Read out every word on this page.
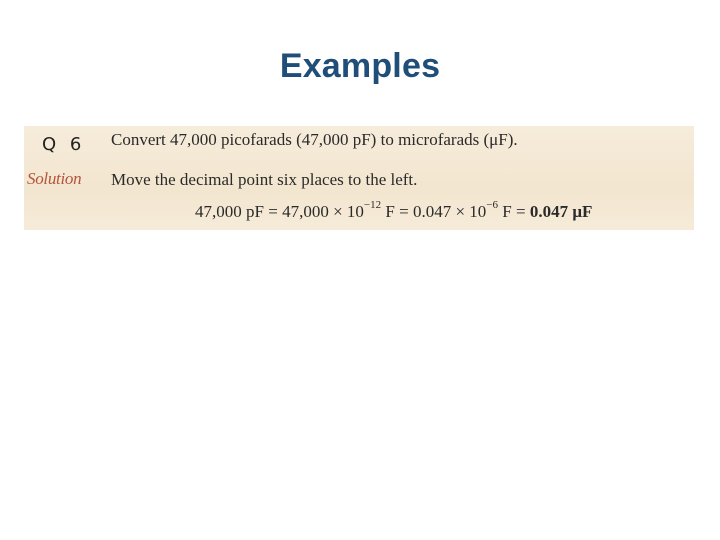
Examples
Q 6 Convert 47,000 picofarads (47,000 pF) to microfarads (μF).
Solution Move the decimal point six places to the left.
47,000 pF = $47,000 \times 10^{-12}$ $F = 0.047 \times 10^{-6}$ F = 0.047 μF
